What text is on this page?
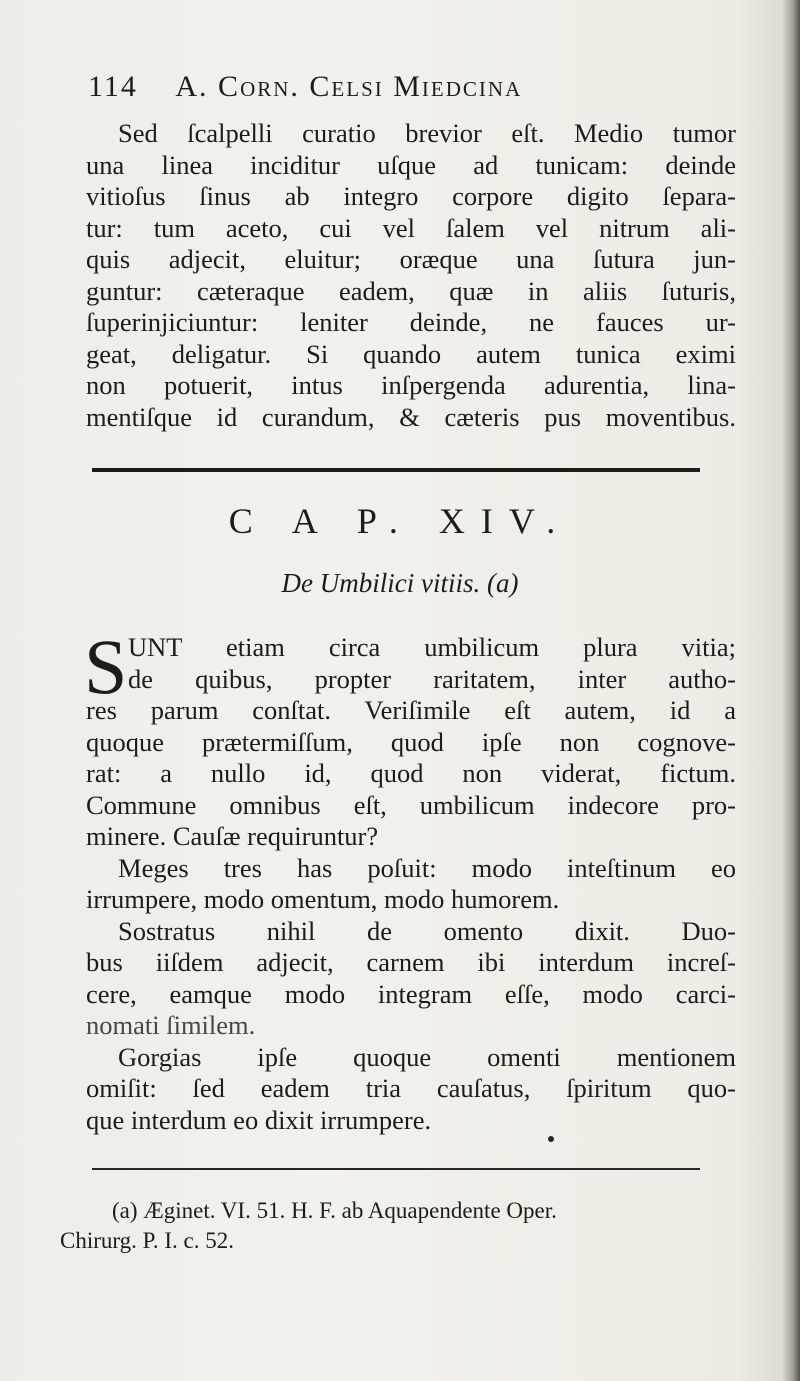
114 A. Corn. Celsi Miedcina
Sed ſcalpelli curatio brevior eſt. Medio tumor
una linea inciditur uſque ad tunicam: deinde
vitioſus ſinus ab integro corpore digito ſepara-
tur: tum aceto, cui vel ſalem vel nitrum ali-
quis adjecit, eluitur; oræque una ſutura jun-
guntur: cæteraque eadem, quæ in aliis ſuturis,
ſuperinjiciuntur: leniter deinde, ne fauces ur-
geat, deligatur. Si quando autem tunica eximi
non potuerit, intus inſpergenda adurentia, lina-
mentiſque id curandum, & cæteris pus moventibus.
C A P. XIV.
De Umbilici vitiis. (a)
S UNT etiam circa umbilicum plura vitia;
de quibus, propter raritatem, inter autho-
res parum conſtat. Veriſimile eſt autem, id a
quoque prætermiſſum, quod ipſe non cognove-
rat: a nullo id, quod non viderat, fictum.
Commune omnibus eſt, umbilicum indecore pro-
minere. Cauſæ requiruntur?
Meges tres has poſuit: modo inteſtinum eo
irrumpere, modo omentum, modo humorem.
Sostratus nihil de omento dixit. Duo-
bus iiſdem adjecit, carnem ibi interdum increſ-
cere, eamque modo integram eſſe, modo carci-
nomati ſimilem.
Gorgias ipſe quoque omenti mentionem
omiſit: ſed eadem tria cauſatus, ſpiritum quo-
que interdum eo dixit irrumpere.
(a) Æginet. VI. 51. H. F. ab Aquapendente Oper.
Chirurg. P. I. c. 52.
